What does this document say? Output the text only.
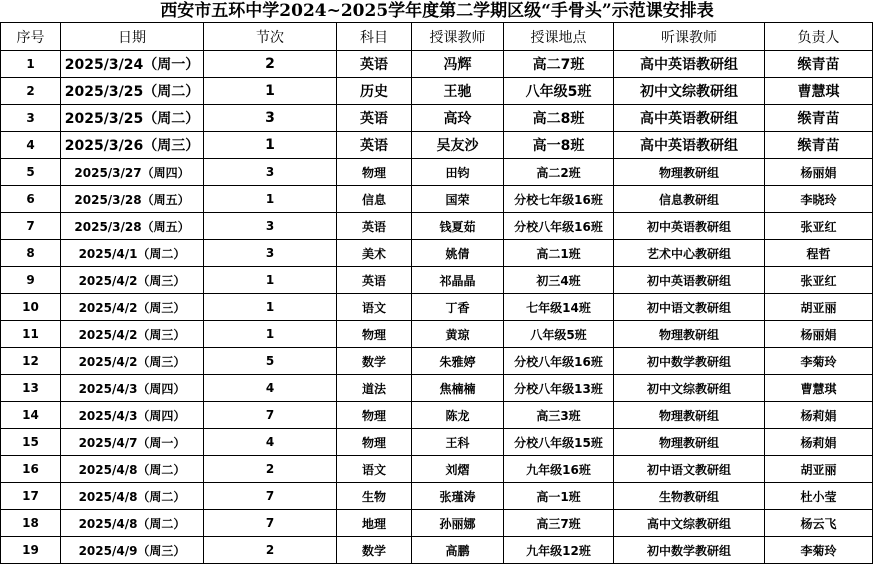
西安市五环中学2024~2025学年度第二学期区级“手骨头”示范课安排表
序号	日期	节次	科目	授课教师	授课地点	听课教师	负责人
1	2025/3/24（周一）	2	英语	冯辉	高二7班	高中英语教研组	缑青苗
2	2025/3/25（周二）	1	历史	王驰	八年级5班	初中文综教研组	曹慧琪
3	2025/3/25（周二）	3	英语	高玲	高二8班	高中英语教研组	缑青苗
4	2025/3/26（周三）	1	英语	吴友沙	高一8班	高中英语教研组	缑青苗
5	2025/3/27（周四）	3	物理	田钧	高二2班	物理教研组	杨丽娟
6	2025/3/28（周五）	1	信息	国荣	分校七年级16班	信息教研组	李晓玲
7	2025/3/28（周五）	3	英语	钱夏茹	分校八年级16班	初中英语教研组	张亚红
8	2025/4/1（周二）	3	美术	姚倩	高二1班	艺术中心教研组	程哲
9	2025/4/2（周三）	1	英语	祁晶晶	初三4班	初中英语教研组	张亚红
10	2025/4/2（周三）	1	语文	丁香	七年级14班	初中语文教研组	胡亚丽
11	2025/4/2（周三）	1	物理	黄琼	八年级5班	物理教研组	杨丽娟
12	2025/4/2（周三）	5	数学	朱雅婷	分校八年级16班	初中数学教研组	李菊玲
13	2025/4/3（周四）	4	道法	焦楠楠	分校八年级13班	初中文综教研组	曹慧琪
14	2025/4/3（周四）	7	物理	陈龙	高三3班	物理教研组	杨莉娟
15	2025/4/7（周一）	4	物理	王科	分校八年级15班	物理教研组	杨莉娟
16	2025/4/8（周二）	2	语文	刘熠	九年级16班	初中语文教研组	胡亚丽
17	2025/4/8（周二）	7	生物	张瑾涛	高一1班	生物教研组	杜小莹
18	2025/4/8（周二）	7	地理	孙丽娜	高三7班	高中文综教研组	杨云飞
19	2025/4/9（周三）	2	数学	高鹏	九年级12班	初中数学教研组	李菊玲
